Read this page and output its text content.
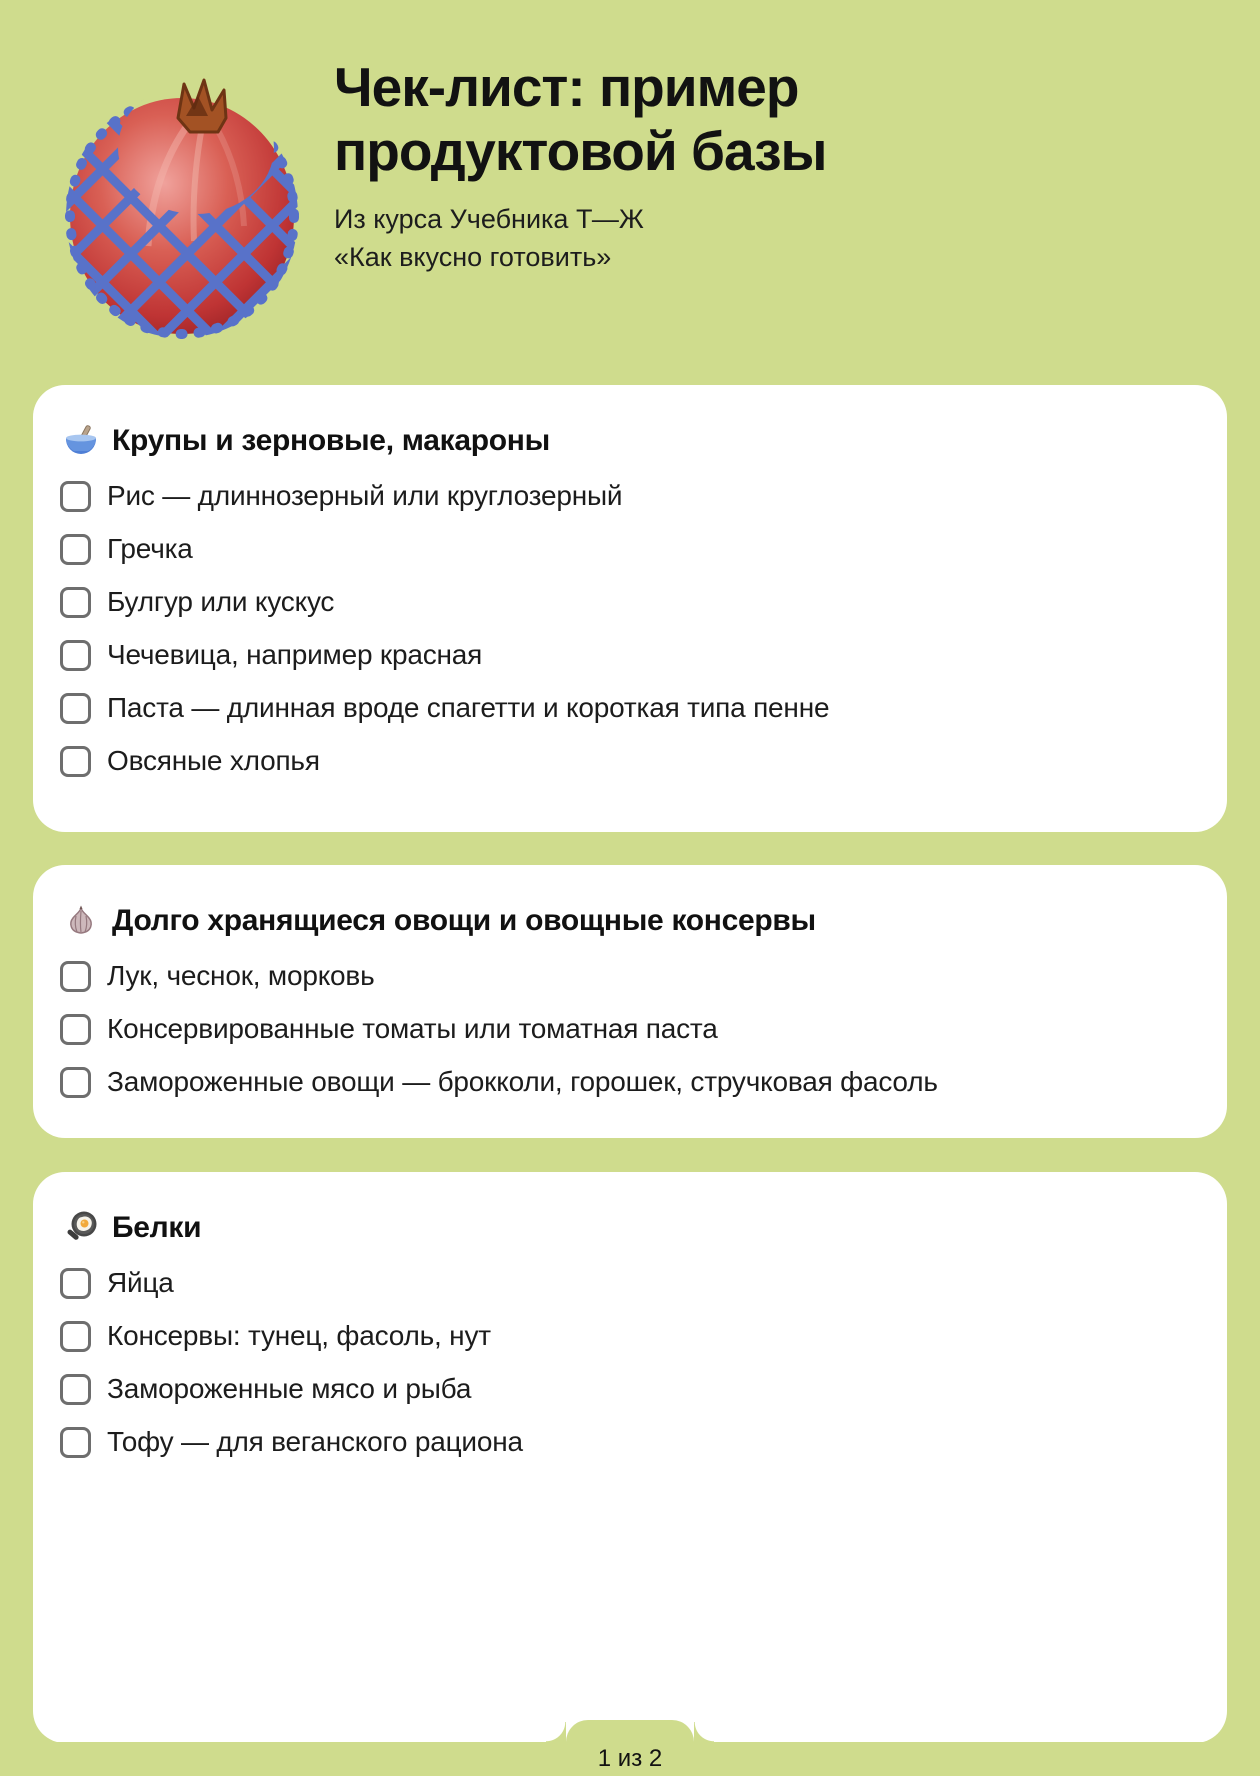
Чек-лист: пример
продуктовой базы

Из курса Учебника Т—Ж
«Как вкусно готовить»

Крупы и зерновые, макароны
Рис — длиннозерный или круглозерный
Гречка
Булгур или кускус
Чечевица, например красная
Паста — длинная вроде спагетти и короткая типа пенне
Овсяные хлопья
Долго хранящиеся овощи и овощные консервы
Лук, чеснок, морковь
Консервированные томаты или томатная паста
Замороженные овощи — брокколи, горошек, стручковая фасоль
Белки
Яйца
Консервы: тунец, фасоль, нут
Замороженные мясо и рыба
Тофу — для веганского рациона
1 из 2
